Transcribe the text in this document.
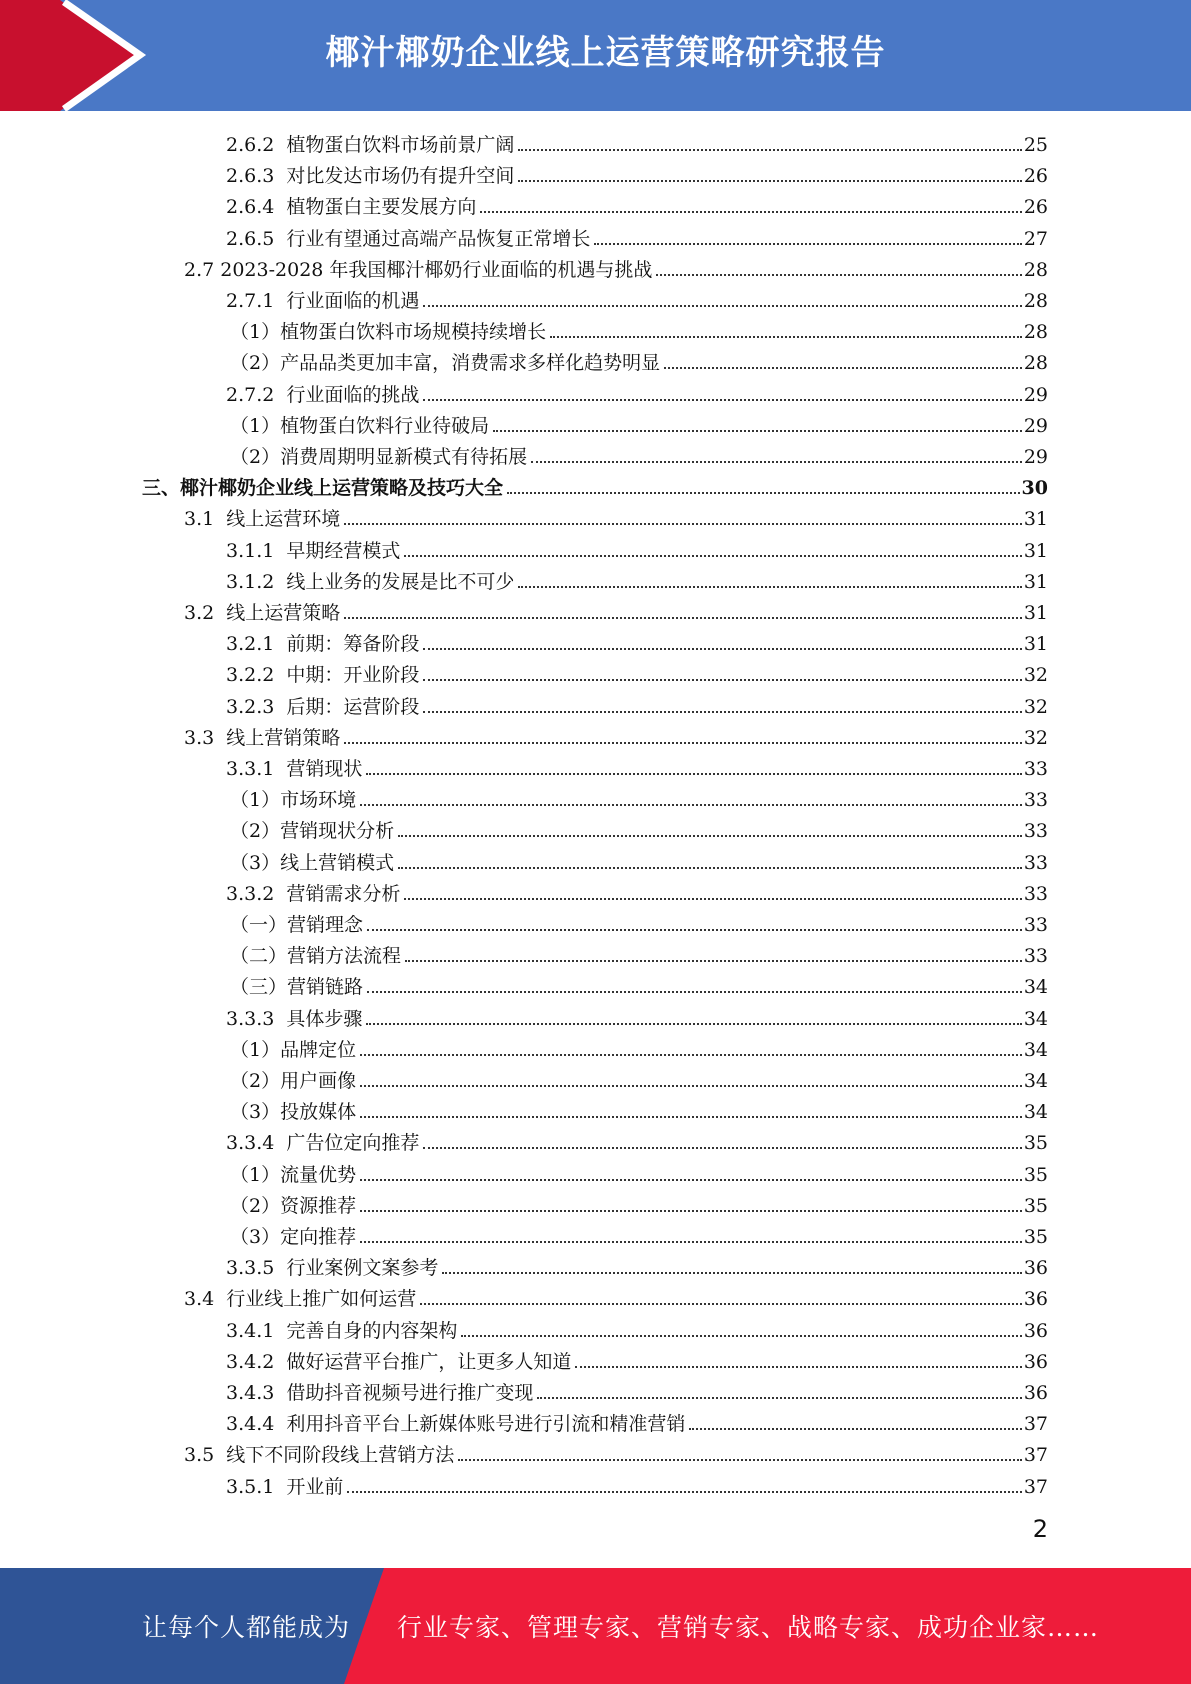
椰汁椰奶企业线上运营策略研究报告
2.6.2  植物蛋白饮料市场前景广阔	25
2.6.3  对比发达市场仍有提升空间	26
2.6.4  植物蛋白主要发展方向	26
2.6.5  行业有望通过高端产品恢复正常增长	27
2.7 2023-2028 年我国椰汁椰奶行业面临的机遇与挑战	28
2.7.1  行业面临的机遇	28
（1）植物蛋白饮料市场规模持续增长	28
（2）产品品类更加丰富，消费需求多样化趋势明显	28
2.7.2  行业面临的挑战	29
（1）植物蛋白饮料行业待破局	29
（2）消费周期明显新模式有待拓展	29
三、椰汁椰奶企业线上运营策略及技巧大全	30
3.1  线上运营环境	31
3.1.1  早期经营模式	31
3.1.2  线上业务的发展是比不可少	31
3.2  线上运营策略	31
3.2.1  前期：筹备阶段	31
3.2.2  中期：开业阶段	32
3.2.3  后期：运营阶段	32
3.3  线上营销策略	32
3.3.1  营销现状	33
（1）市场环境	33
（2）营销现状分析	33
（3）线上营销模式	33
3.3.2  营销需求分析	33
（一）营销理念	33
（二）营销方法流程	33
（三）营销链路	34
3.3.3  具体步骤	34
（1）品牌定位	34
（2）用户画像	34
（3）投放媒体	34
3.3.4  广告位定向推荐	35
（1）流量优势	35
（2）资源推荐	35
（3）定向推荐	35
3.3.5  行业案例文案参考	36
3.4  行业线上推广如何运营	36
3.4.1  完善自身的内容架构	36
3.4.2  做好运营平台推广，让更多人知道	36
3.4.3  借助抖音视频号进行推广变现	36
3.4.4  利用抖音平台上新媒体账号进行引流和精准营销	37
3.5  线下不同阶段线上营销方法	37
3.5.1  开业前	37
2
让每个人都能成为 行业专家、管理专家、营销专家、战略专家、成功企业家……
